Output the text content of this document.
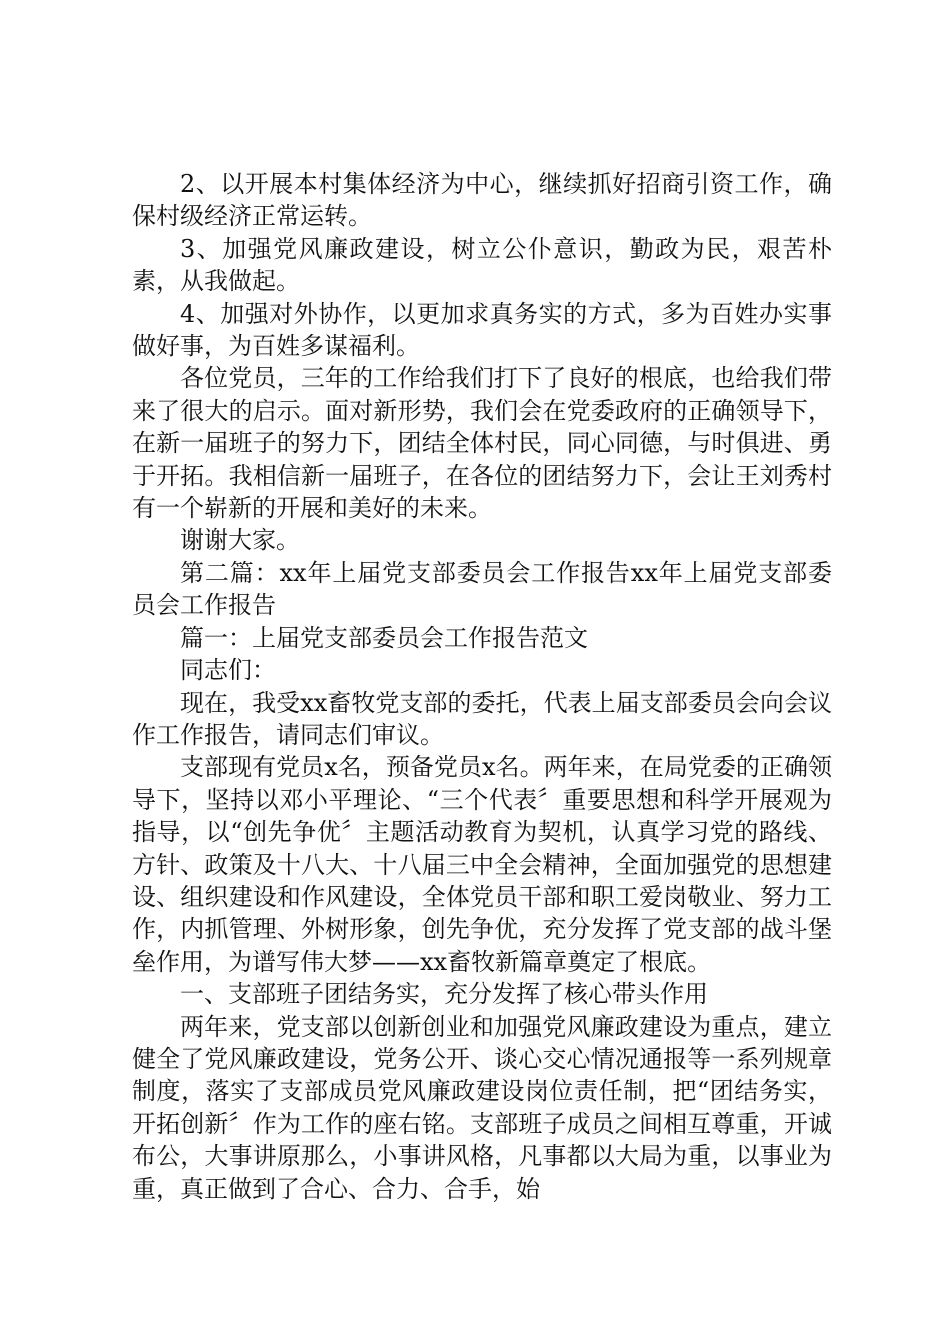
2、以开展本村集体经济为中心，继续抓好招商引资工作，确保村级经济正常运转。

3、加强党风廉政建设，树立公仆意识，勤政为民，艰苦朴素，从我做起。

4、加强对外协作，以更加求真务实的方式，多为百姓办实事做好事，为百姓多谋福利。

各位党员，三年的工作给我们打下了良好的根底，也给我们带来了很大的启示。面对新形势，我们会在党委政府的正确领导下，在新一届班子的努力下，团结全体村民，同心同德，与时俱进、勇于开拓。我相信新一届班子，在各位的团结努力下，会让王刘秀村有一个崭新的开展和美好的未来。

谢谢大家。

第二篇：xx年上届党支部委员会工作报告xx年上届党支部委员会工作报告

篇一：上届党支部委员会工作报告范文

同志们：

现在，我受xx畜牧党支部的委托，代表上届支部委员会向会议作工作报告，请同志们审议。

支部现有党员x名，预备党员x名。两年来，在局党委的正确领导下，坚持以邓小平理论、“三个代表〞重要思想和科学开展观为指导，以“创先争优〞主题活动教育为契机，认真学习党的路线、方针、政策及十八大、十八届三中全会精神，全面加强党的思想建设、组织建设和作风建设，全体党员干部和职工爱岗敬业、努力工作，内抓管理、外树形象，创先争优，充分发挥了党支部的战斗堡垒作用，为谱写伟大梦——xx畜牧新篇章奠定了根底。

一、支部班子团结务实，充分发挥了核心带头作用

两年来，党支部以创新创业和加强党风廉政建设为重点，建立健全了党风廉政建设，党务公开、谈心交心情况通报等一系列规章制度，落实了支部成员党风廉政建设岗位责任制，把“团结务实，开拓创新〞作为工作的座右铭。支部班子成员之间相互尊重，开诚布公，大事讲原那么，小事讲风格，凡事都以大局为重，以事业为重，真正做到了合心、合力、合手，始
